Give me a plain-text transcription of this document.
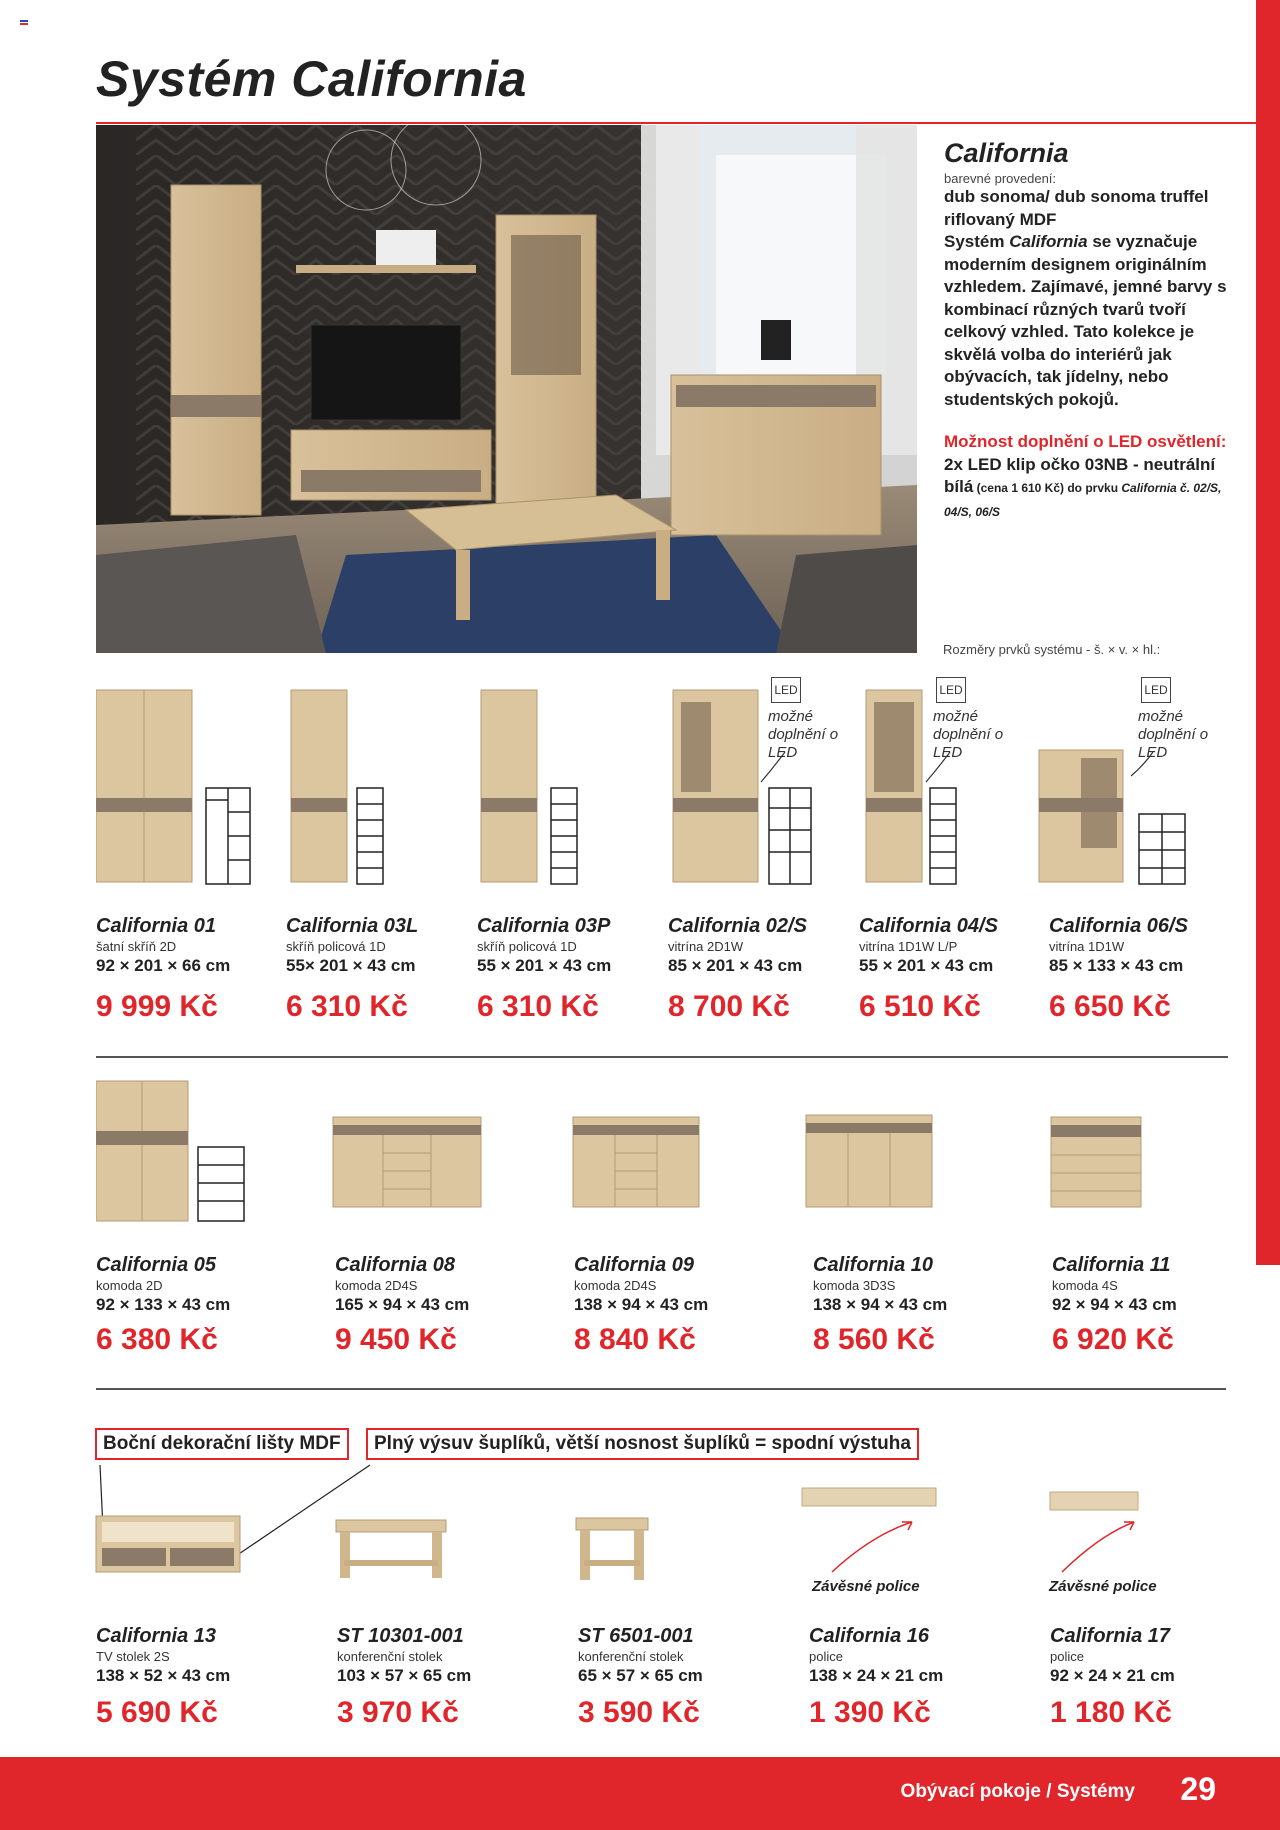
Systém California
California
barevné provedení:
dub sonoma/ dub sonoma truffel
riflovaný MDF
Systém California se vyznačuje moderním designem originálním vzhledem. Zajímavé, jemné barvy s kombinací různých tvarů tvoří celkový vzhled. Tato kolekce je skvělá volba do interiérů jak obývacích, tak jídelny, nebo studentských pokojů.
Možnost doplnění o LED osvětlení:
2x LED klip očko 03NB - neutrální bílá (cena 1 610 Kč) do prvku California č. 02/S, 04/S, 06/S
Rozměry prvků systému - š. × v. × hl.:
LED
možné doplnění o LED
LED
možné doplnění o LED
LED
možné doplnění o LED
California 01
šatní skříň 2D
92 × 201 × 66 cm
9 999 Kč
California 03L
skříň policová 1D
55× 201 × 43 cm
6 310 Kč
California 03P
skříň policová 1D
55 × 201 × 43 cm
6 310 Kč
California 02/S
vitrína 2D1W
85 × 201 × 43 cm
8 700 Kč
California 04/S
vitrína 1D1W L/P
55 × 201 × 43 cm
6 510 Kč
California 06/S
vitrína 1D1W
85 × 133 × 43 cm
6 650 Kč
California 05
komoda 2D
92 × 133 × 43 cm
6 380 Kč
California 08
komoda 2D4S
165 × 94 × 43 cm
9 450 Kč
California 09
komoda 2D4S
138 × 94 × 43 cm
8 840 Kč
California 10
komoda 3D3S
138 × 94 × 43 cm
8 560 Kč
California 11
komoda 4S
92 × 94 × 43 cm
6 920 Kč
Boční dekorační lišty MDF	Plný výsuv šuplíků, větší nosnost šuplíků = spodní výstuha
Závěsné police	Závěsné police
California 13
TV stolek 2S
138 × 52 × 43 cm
5 690 Kč
ST 10301-001
konferenční stolek
103 × 57 × 65 cm
3 970 Kč
ST 6501-001
konferenční stolek
65 × 57 × 65 cm
3 590 Kč
California 16
police
138 × 24 × 21 cm
1 390 Kč
California 17
police
92 × 24 × 21 cm
1 180 Kč
Obývací pokoje / Systémy 29
